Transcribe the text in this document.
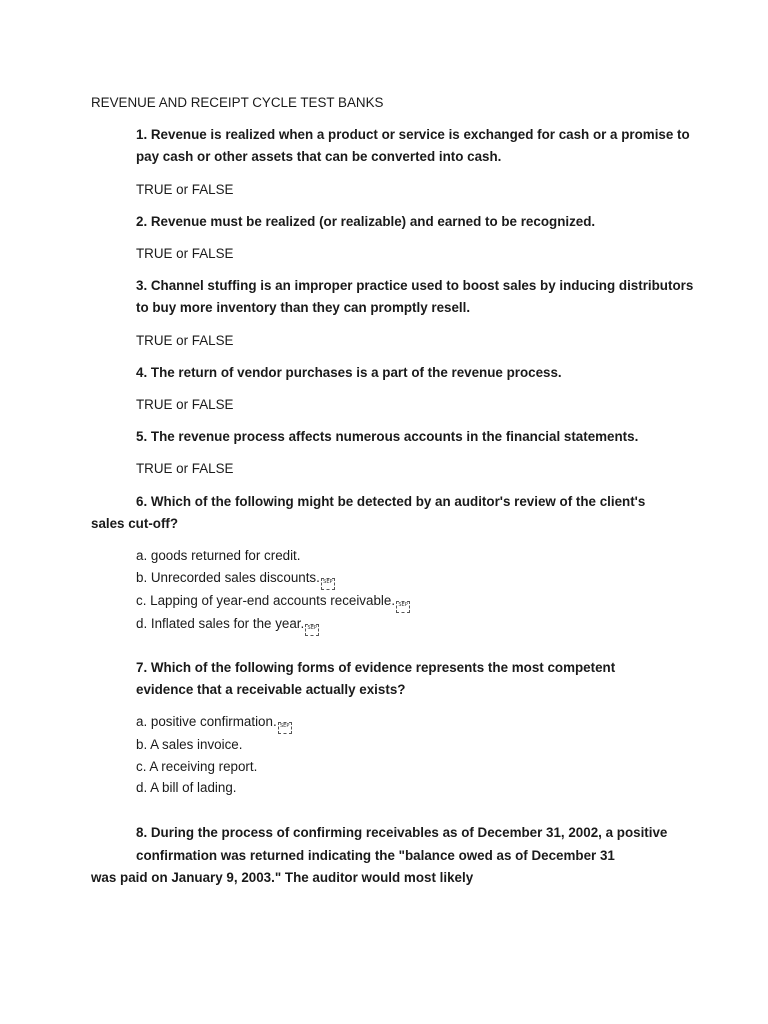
REVENUE AND RECEIPT CYCLE TEST BANKS
1. Revenue is realized when a product or service is exchanged for cash or a promise to
pay cash or other assets that can be converted into cash.
TRUE or FALSE
2. Revenue must be realized (or realizable) and earned to be recognized.
TRUE or FALSE
3. Channel stuffing is an improper practice used to boost sales by inducing distributors
to buy more inventory than they can promptly resell.
TRUE or FALSE
4. The return of vendor purchases is a part of the revenue process.
TRUE or FALSE
5. The revenue process affects numerous accounts in the financial statements.
TRUE or FALSE
6. Which of the following might be detected by an auditor's review of the client's
sales cut-off?
a. goods returned for credit.
b. Unrecorded sales discounts. SEP
c. Lapping of year-end accounts receivable. SEP
d. Inflated sales for the year. SEP
7. Which of the following forms of evidence represents the most competent
evidence that a receivable actually exists?
a. positive confirmation. SEP
b. A sales invoice.
c. A receiving report.
d. A bill of lading.
8. During the process of confirming receivables as of December 31, 2002, a positive
confirmation was returned indicating the "balance owed as of December 31
was paid on January 9, 2003." The auditor would most likely
